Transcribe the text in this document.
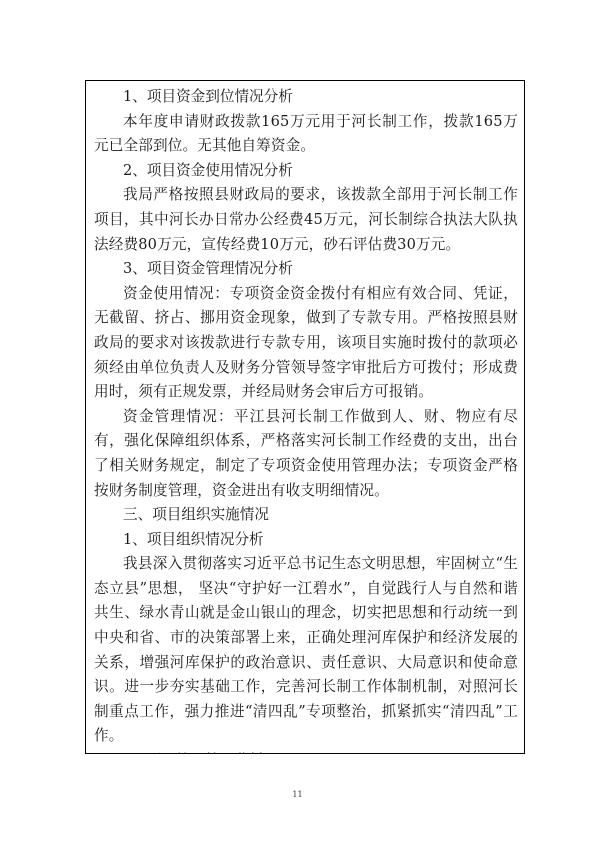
1、项目资金到位情况分析

本年度申请财政拨款165万元用于河长制工作，拨款165万元已全部到位。无其他自筹资金。

2、项目资金使用情况分析

我局严格按照县财政局的要求，该拨款全部用于河长制工作项目，其中河长办日常办公经费45万元，河长制综合执法大队执法经费80万元，宣传经费10万元，砂石评估费30万元。

3、项目资金管理情况分析

资金使用情况：专项资金资金拨付有相应有效合同、凭证，无截留、挤占、挪用资金现象，做到了专款专用。严格按照县财政局的要求对该拨款进行专款专用，该项目实施时拨付的款项必须经由单位负责人及财务分管领导签字审批后方可拨付；形成费用时，须有正规发票，并经局财务会审后方可报销。

资金管理情况：平江县河长制工作做到人、财、物应有尽有，强化保障组织体系，严格落实河长制工作经费的支出，出台了相关财务规定，制定了专项资金使用管理办法；专项资金严格按财务制度管理，资金进出有收支明细情况。

三、项目组织实施情况

1、项目组织情况分析

我县深入贯彻落实习近平总书记生态文明思想，牢固树立“生态立县”思想， 坚决“守护好一江碧水”，自觉践行人与自然和谐共生、绿水青山就是金山银山的理念，切实把思想和行动统一到中央和省、市的决策部署上来，正确处理河库保护和经济发展的关系，增强河库保护的政治意识、责任意识、大局意识和使命意识。进一步夯实基础工作，完善河长制工作体制机制，对照河长制重点工作，强力推进“清四乱”专项整治，抓紧抓实“清四乱”工作。

11
